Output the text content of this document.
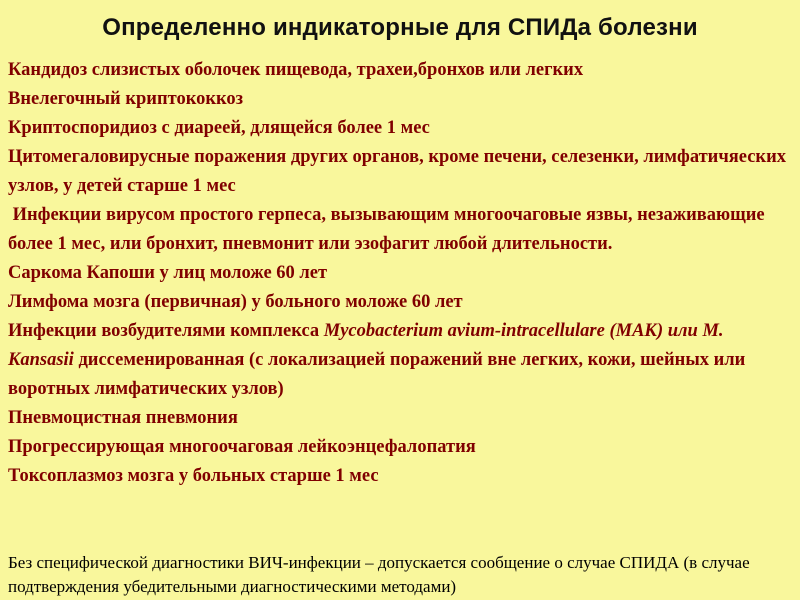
Определенно индикаторные для СПИДа болезни
Кандидоз слизистых оболочек пищевода, трахеи,бронхов или легких
Внелегочный криптококкоз
Криптоспоридиоз с диареей, длящейся более 1 мес
Цитомегаловирусные поражения других органов, кроме печени, селезенки, лимфатичяеских узлов, у детей старше 1 мес
Инфекции вирусом простого герпеса, вызывающим многоочаговые язвы, незаживающие более 1 мес, или бронхит, пневмонит или эзофагит любой длительности.
Саркома Капоши у лиц моложе 60 лет
Лимфома мозга (первичная) у больного моложе 60 лет
Инфекции возбудителями комплекса Mycobacterium avium-intracellulare (МАК) или M. Kansasii диссеменированная (с локализацией поражений вне легких, кожи, шейных или воротных лимфатических узлов)
Пневмоцистная пневмония
Прогрессирующая многоочаговая лейкоэнцефалопатия
Токсоплазмоз мозга у больных старше 1 мес
Без специфической диагностики ВИЧ-инфекции – допускается сообщение о случае СПИДА (в случае подтверждения убедительными диагностическими методами)
